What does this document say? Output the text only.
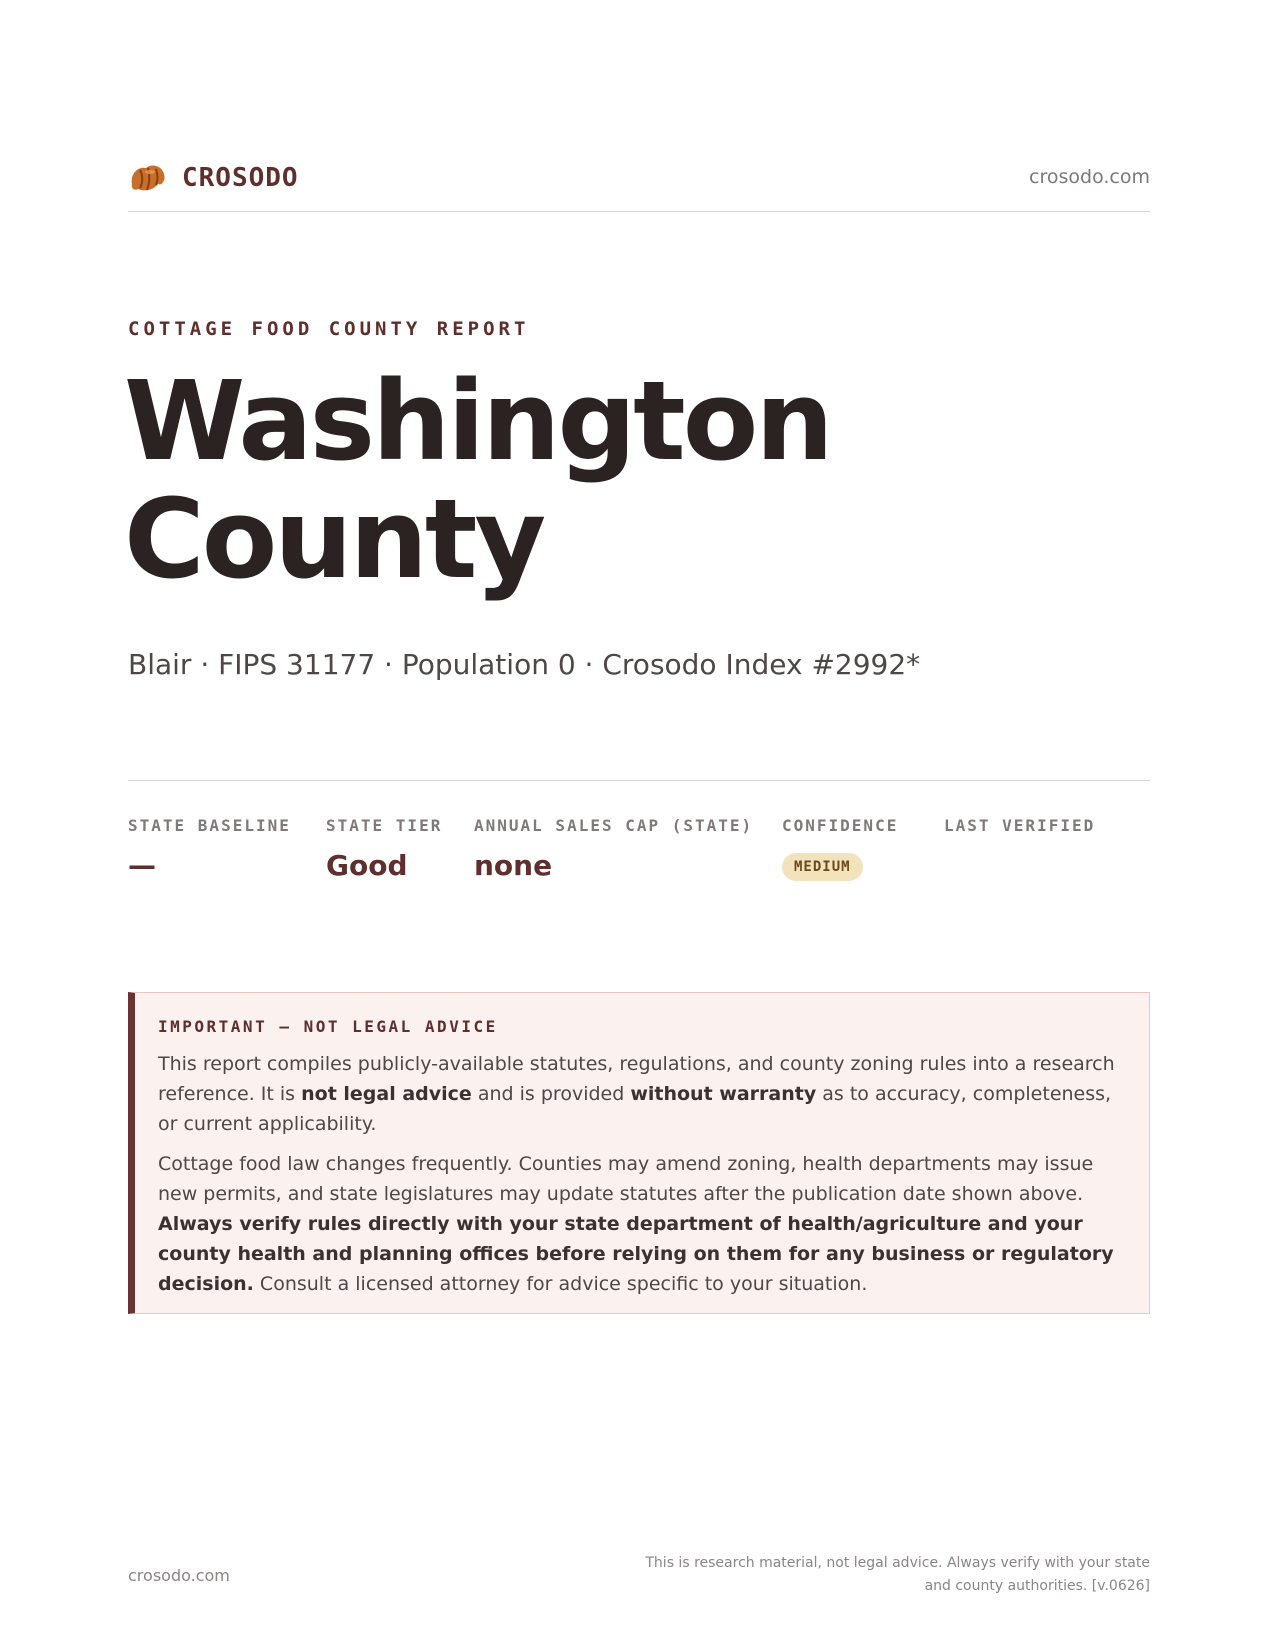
CROSODO	crosodo.com
COTTAGE FOOD COUNTY REPORT
Washington
County
Blair · FIPS 31177 · Population 0 · Crosodo Index #2992*
STATE BASELINE
—
STATE TIER
Good
ANNUAL SALES CAP (STATE)
none
CONFIDENCE
MEDIUM
LAST VERIFIED
IMPORTANT — NOT LEGAL ADVICE

This report compiles publicly-available statutes, regulations, and county zoning rules into a research reference. It is not legal advice and is provided without warranty as to accuracy, completeness, or current applicability.

Cottage food law changes frequently. Counties may amend zoning, health departments may issue new permits, and state legislatures may update statutes after the publication date shown above. Always verify rules directly with your state department of health/agriculture and your county health and planning offices before relying on them for any business or regulatory decision. Consult a licensed attorney for advice specific to your situation.

crosodo.com
This is research material, not legal advice. Always verify with your state
and county authorities. [v.0626]
